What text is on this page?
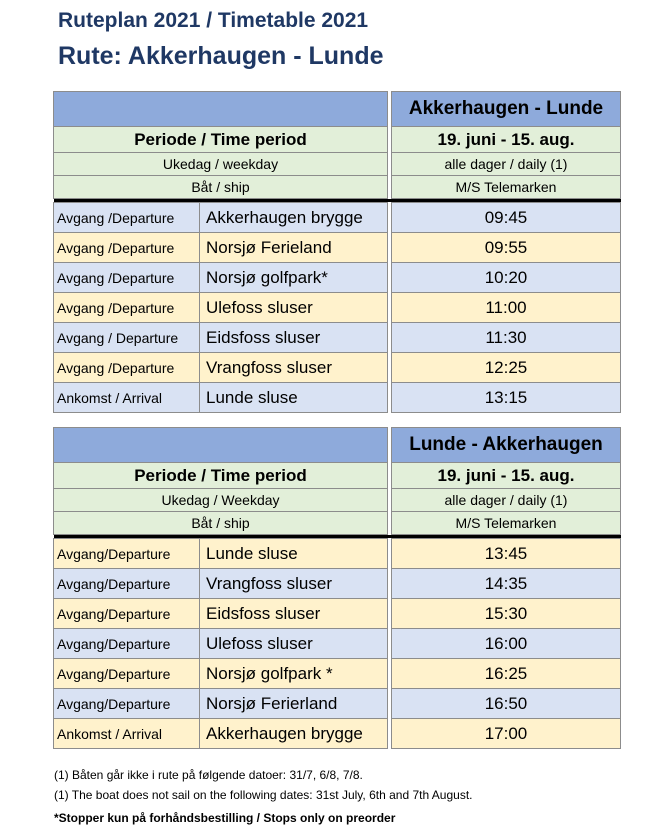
Ruteplan 2021 / Timetable 2021
Rute: Akkerhaugen - Lunde
			Akkerhaugen - Lunde
Periode / Time period			19. juni - 15. aug.
Ukedag / weekday			alle dager / daily (1)
Båt / ship			M/S Telemarken

Avgang /Departure	Akkerhaugen brygge		09:45
Avgang /Departure	Norsjø Ferieland		09:55
Avgang /Departure	Norsjø golfpark*		10:20
Avgang /Departure	Ulefoss sluser		11:00
Avgang / Departure	Eidsfoss sluser		11:30
Avgang /Departure	Vrangfoss sluser		12:25
Ankomst / Arrival	Lunde sluse		13:15
			Lunde - Akkerhaugen
Periode / Time period			19. juni - 15. aug.
Ukedag / Weekday			alle dager / daily (1)
Båt / ship			M/S Telemarken

Avgang/Departure	Lunde sluse		13:45
Avgang/Departure	Vrangfoss sluser		14:35
Avgang/Departure	Eidsfoss sluser		15:30
Avgang/Departure	Ulefoss sluser		16:00
Avgang/Departure	Norsjø golfpark *		16:25
Avgang/Departure	Norsjø Ferierland		16:50
Ankomst / Arrival	Akkerhaugen brygge		17:00
(1) Båten går ikke i rute på følgende datoer: 31/7, 6/8, 7/8.
(1) The boat does not sail on the following dates: 31st July, 6th and 7th August.
*Stopper kun på forhåndsbestilling / Stops only on preorder
